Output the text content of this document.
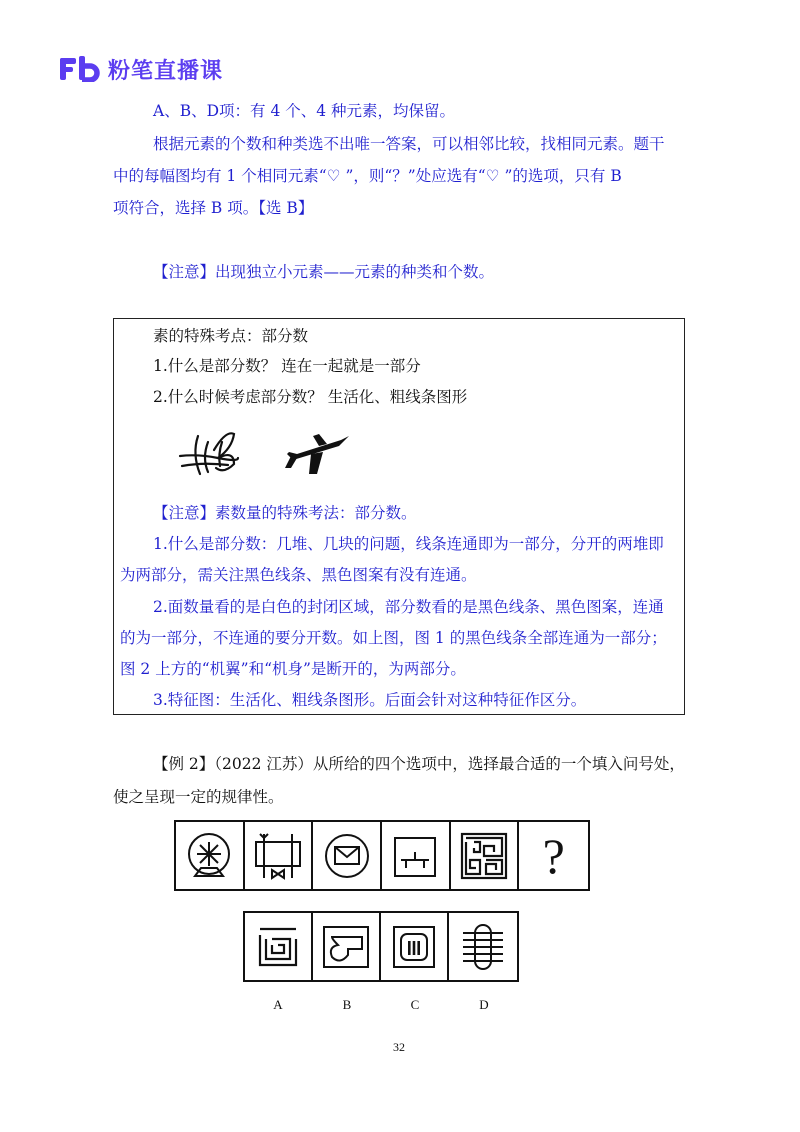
粉笔直播课
A、B、D项：有 4 个、4 种元素，均保留。
根据元素的个数和种类选不出唯一答案，可以相邻比较，找相同元素。题干
中的每幅图均有 1 个相同元素“♡ ”，则“？”处应选有“♡ ”的选项，只有 B
项符合，选择 B 项。【选 B】
【注意】出现独立小元素——元素的种类和个数。
素的特殊考点：部分数
1.什么是部分数？ 连在一起就是一部分
2.什么时候考虑部分数？ 生活化、粗线条图形
【注意】素数量的特殊考法：部分数。
1.什么是部分数：几堆、几块的问题，线条连通即为一部分，分开的两堆即
为两部分，需关注黑色线条、黑色图案有没有连通。
2.面数量看的是白色的封闭区域，部分数看的是黑色线条、黑色图案，连通
的为一部分，不连通的要分开数。如上图，图 1 的黑色线条全部连通为一部分；
图 2 上方的“机翼”和“机身”是断开的，为两部分。
3.特征图：生活化、粗线条图形。后面会针对这种特征作区分。
【例 2】（2022 江苏）从所给的四个选项中，选择最合适的一个填入问号处，
使之呈现一定的规律性。
?
A	B	C	D
32
